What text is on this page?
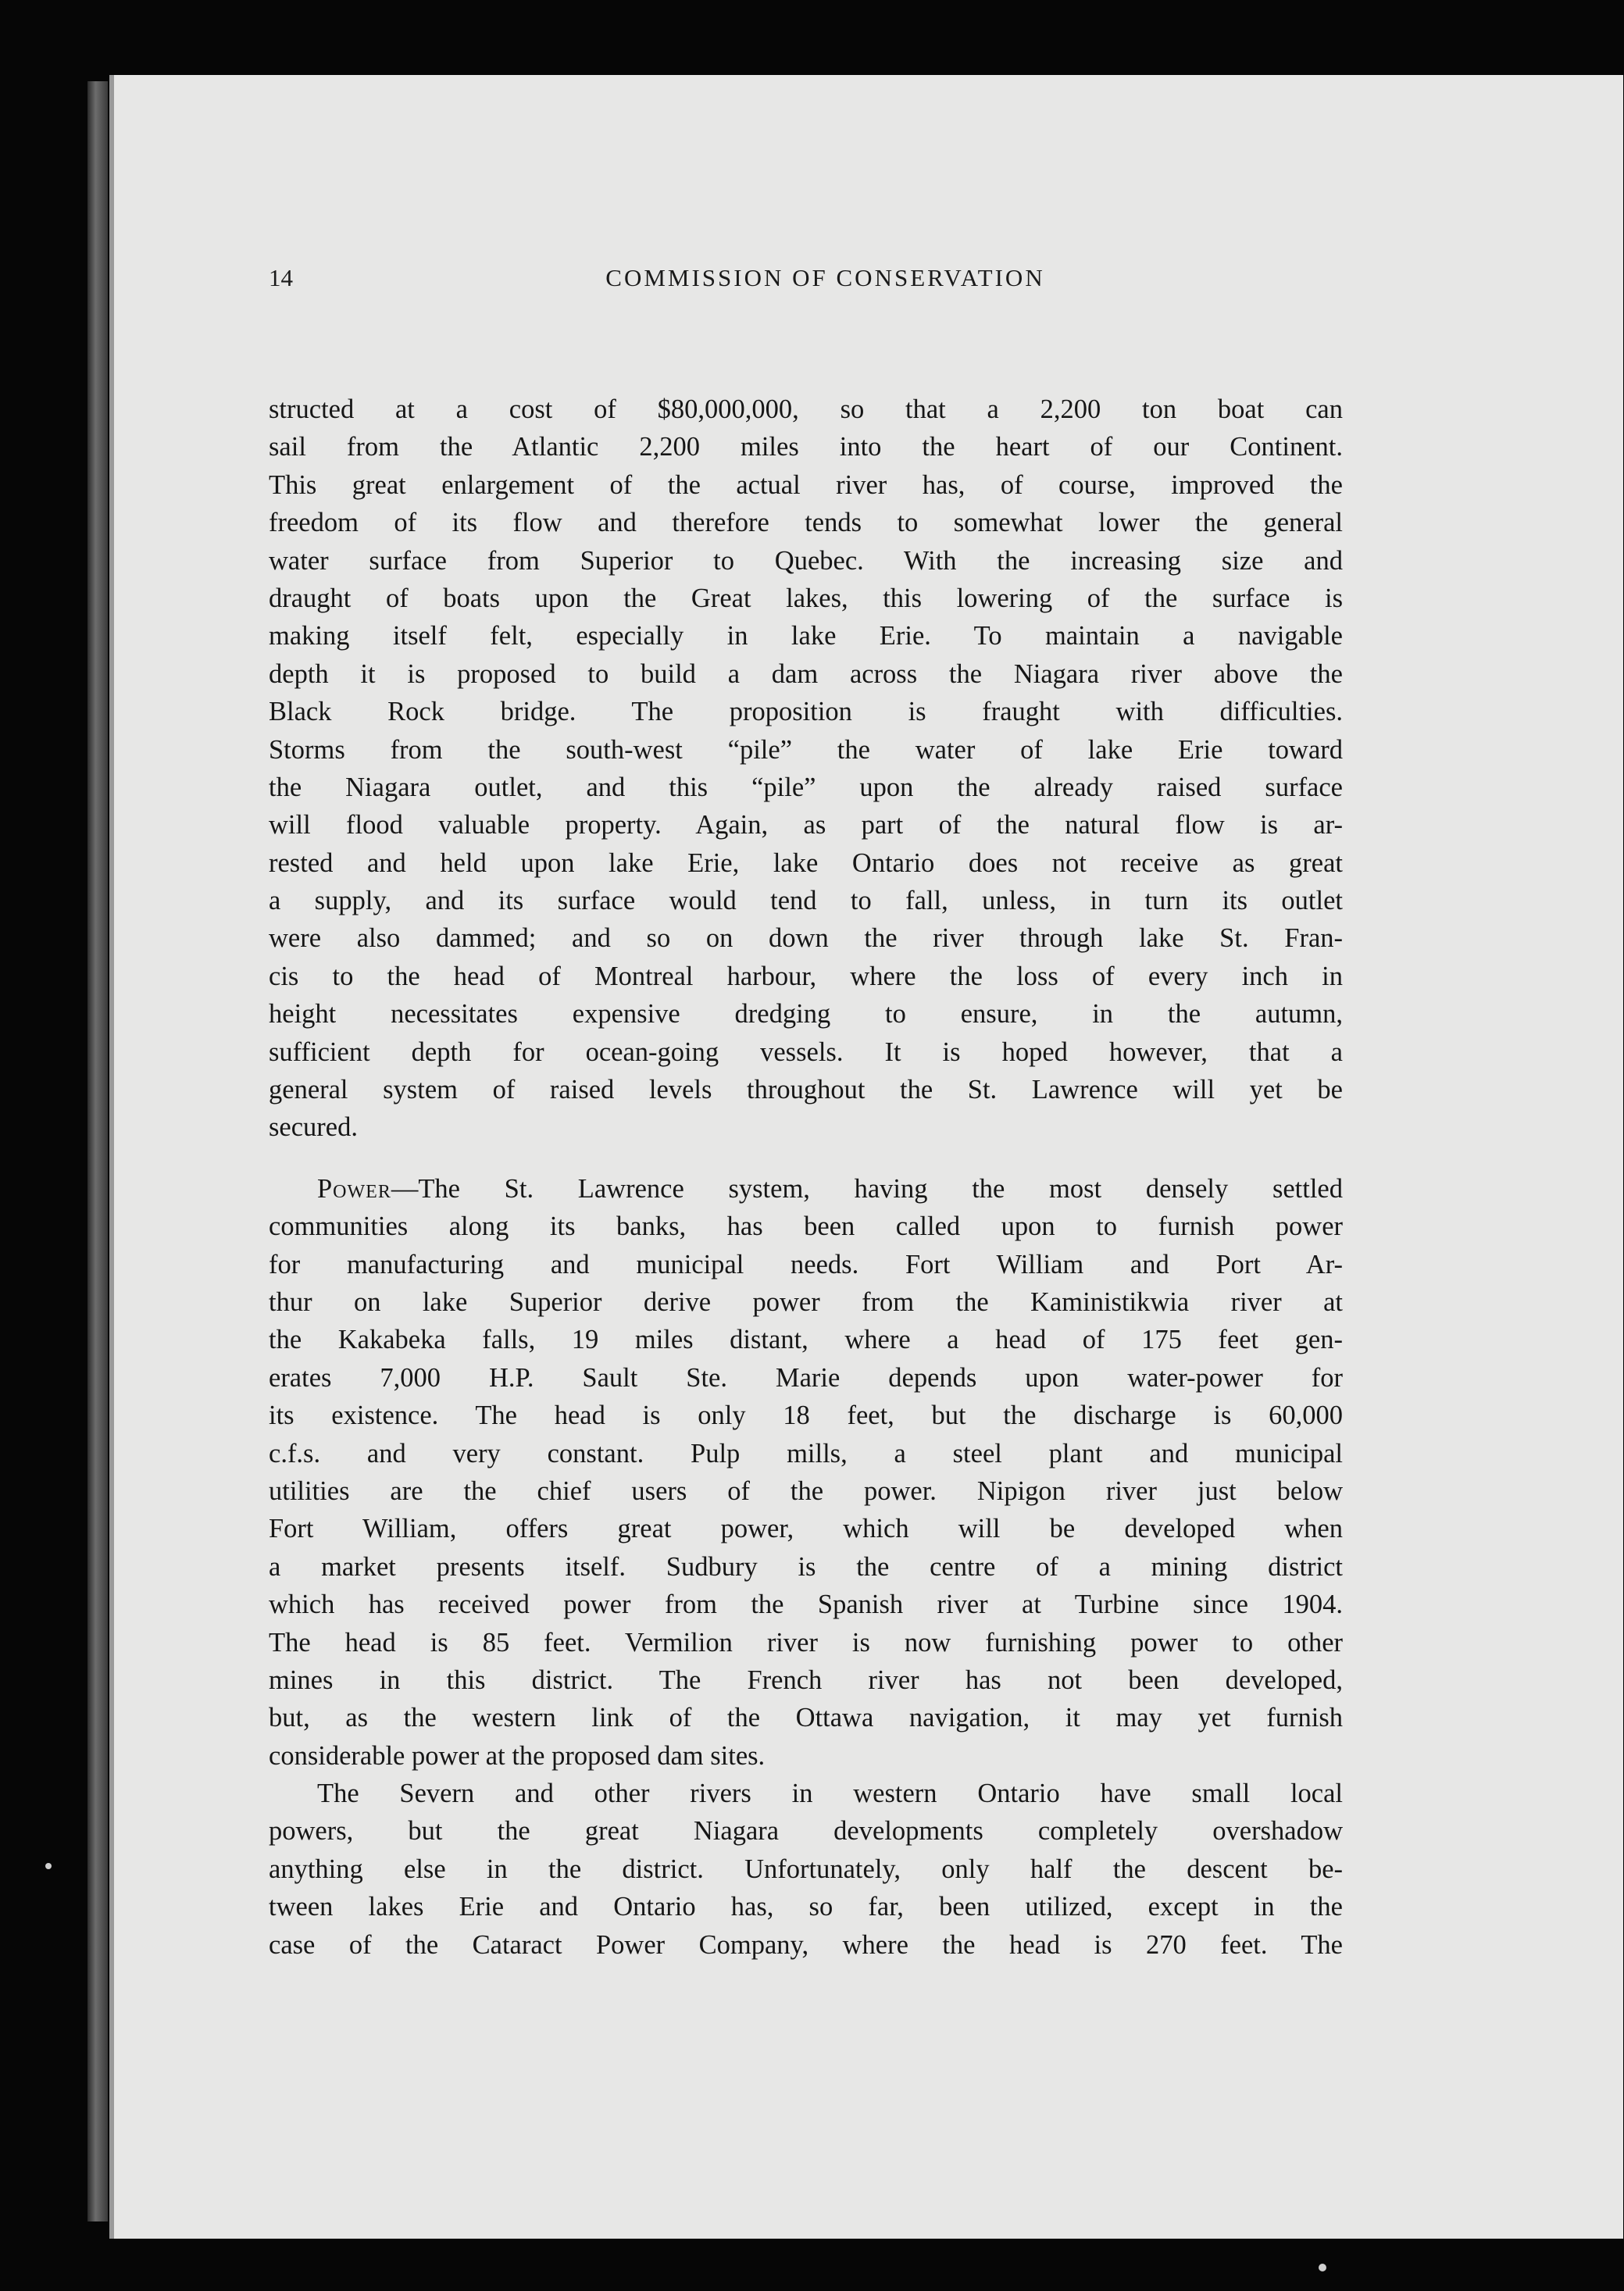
14	COMMISSION OF CONSERVATION
structed at a cost of $80,000,000, so that a 2,200 ton boat can
sail from the Atlantic 2,200 miles into the heart of our Continent.
This great enlargement of the actual river has, of course, improved the
freedom of its flow and therefore tends to somewhat lower the general
water surface from Superior to Quebec. With the increasing size and
draught of boats upon the Great lakes, this lowering of the surface is
making itself felt, especially in lake Erie. To maintain a navigable
depth it is proposed to build a dam across the Niagara river above the
Black Rock bridge. The proposition is fraught with difficulties.
Storms from the south-west “pile” the water of lake Erie toward
the Niagara outlet, and this “pile” upon the already raised surface
will flood valuable property. Again, as part of the natural flow is ar-
rested and held upon lake Erie, lake Ontario does not receive as great
a supply, and its surface would tend to fall, unless, in turn its outlet
were also dammed; and so on down the river through lake St. Fran-
cis to the head of Montreal harbour, where the loss of every inch in
height necessitates expensive dredging to ensure, in the autumn,
sufficient depth for ocean-going vessels. It is hoped however, that a
general system of raised levels throughout the St. Lawrence will yet be
secured.
Power—The St. Lawrence system, having the most densely settled
communities along its banks, has been called upon to furnish power
for manufacturing and municipal needs. Fort William and Port Ar-
thur on lake Superior derive power from the Kaministikwia river at
the Kakabeka falls, 19 miles distant, where a head of 175 feet gen-
erates 7,000 H.P. Sault Ste. Marie depends upon water-power for
its existence. The head is only 18 feet, but the discharge is 60,000
c.f.s. and very constant. Pulp mills, a steel plant and municipal
utilities are the chief users of the power. Nipigon river just below
Fort William, offers great power, which will be developed when
a market presents itself. Sudbury is the centre of a mining district
which has received power from the Spanish river at Turbine since 1904.
The head is 85 feet. Vermilion river is now furnishing power to other
mines in this district. The French river has not been developed,
but, as the western link of the Ottawa navigation, it may yet furnish
considerable power at the proposed dam sites.
The Severn and other rivers in western Ontario have small local
powers, but the great Niagara developments completely overshadow
anything else in the district. Unfortunately, only half the descent be-
tween lakes Erie and Ontario has, so far, been utilized, except in the
case of the Cataract Power Company, where the head is 270 feet. The
